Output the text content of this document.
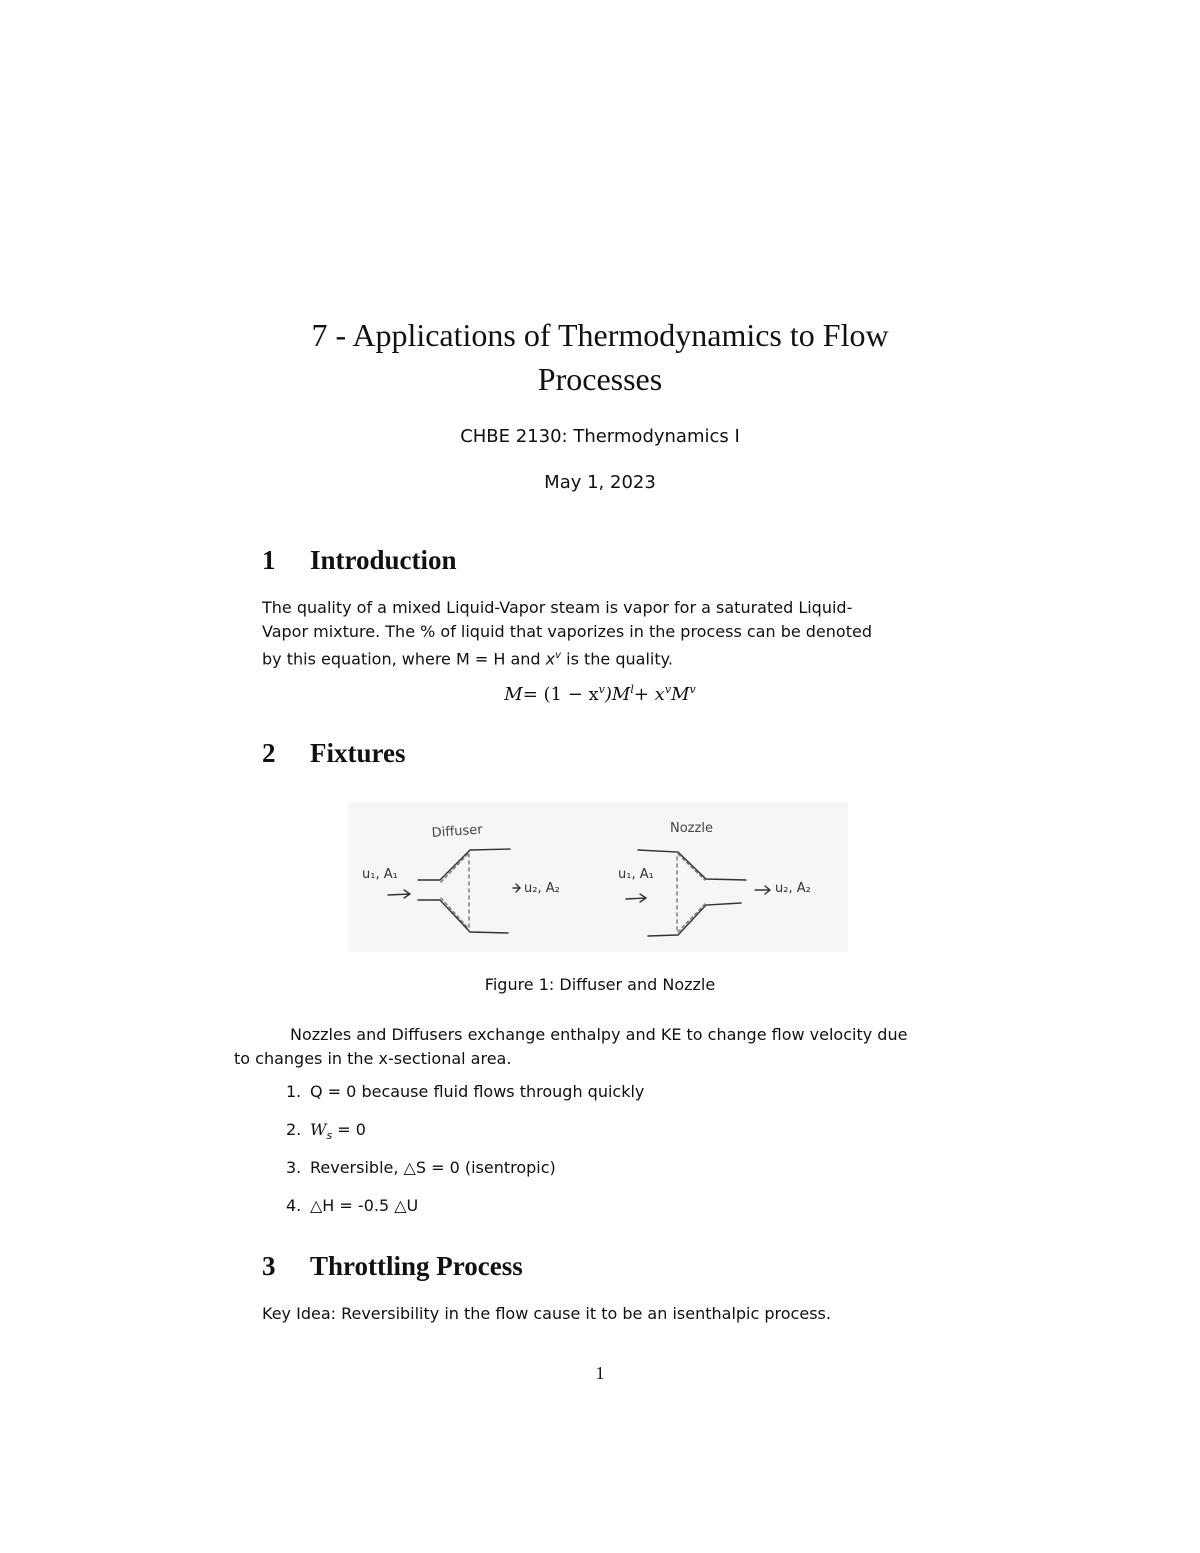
7 - Applications of Thermodynamics to Flow
Processes
CHBE 2130: Thermodynamics I
May 1, 2023
1 Introduction

The quality of a mixed Liquid-Vapor steam is vapor for a saturated Liquid-
Vapor mixture. The % of liquid that vaporizes in the process can be denoted
by this equation, where M = H and $x^v$ is the quality.

$M= (1 - x^v)M^l+ x^vM^v$
2 Fixtures
Diffuser
u₁, A₁
u₂, A₂
Nozzle
u₁, A₁
u₂, A₂
Figure 1: Diffuser and Nozzle

Nozzles and Diffusers exchange enthalpy and KE to change flow velocity due
to changes in the x-sectional area.

1. Q = 0 because fluid flows through quickly
2. $W_s = 0$
3. Reversible, △S = 0 (isentropic)
4. △H = -0.5 △U
3 Throttling Process

Key Idea: Reversibility in the flow cause it to be an isenthalpic process.

1
